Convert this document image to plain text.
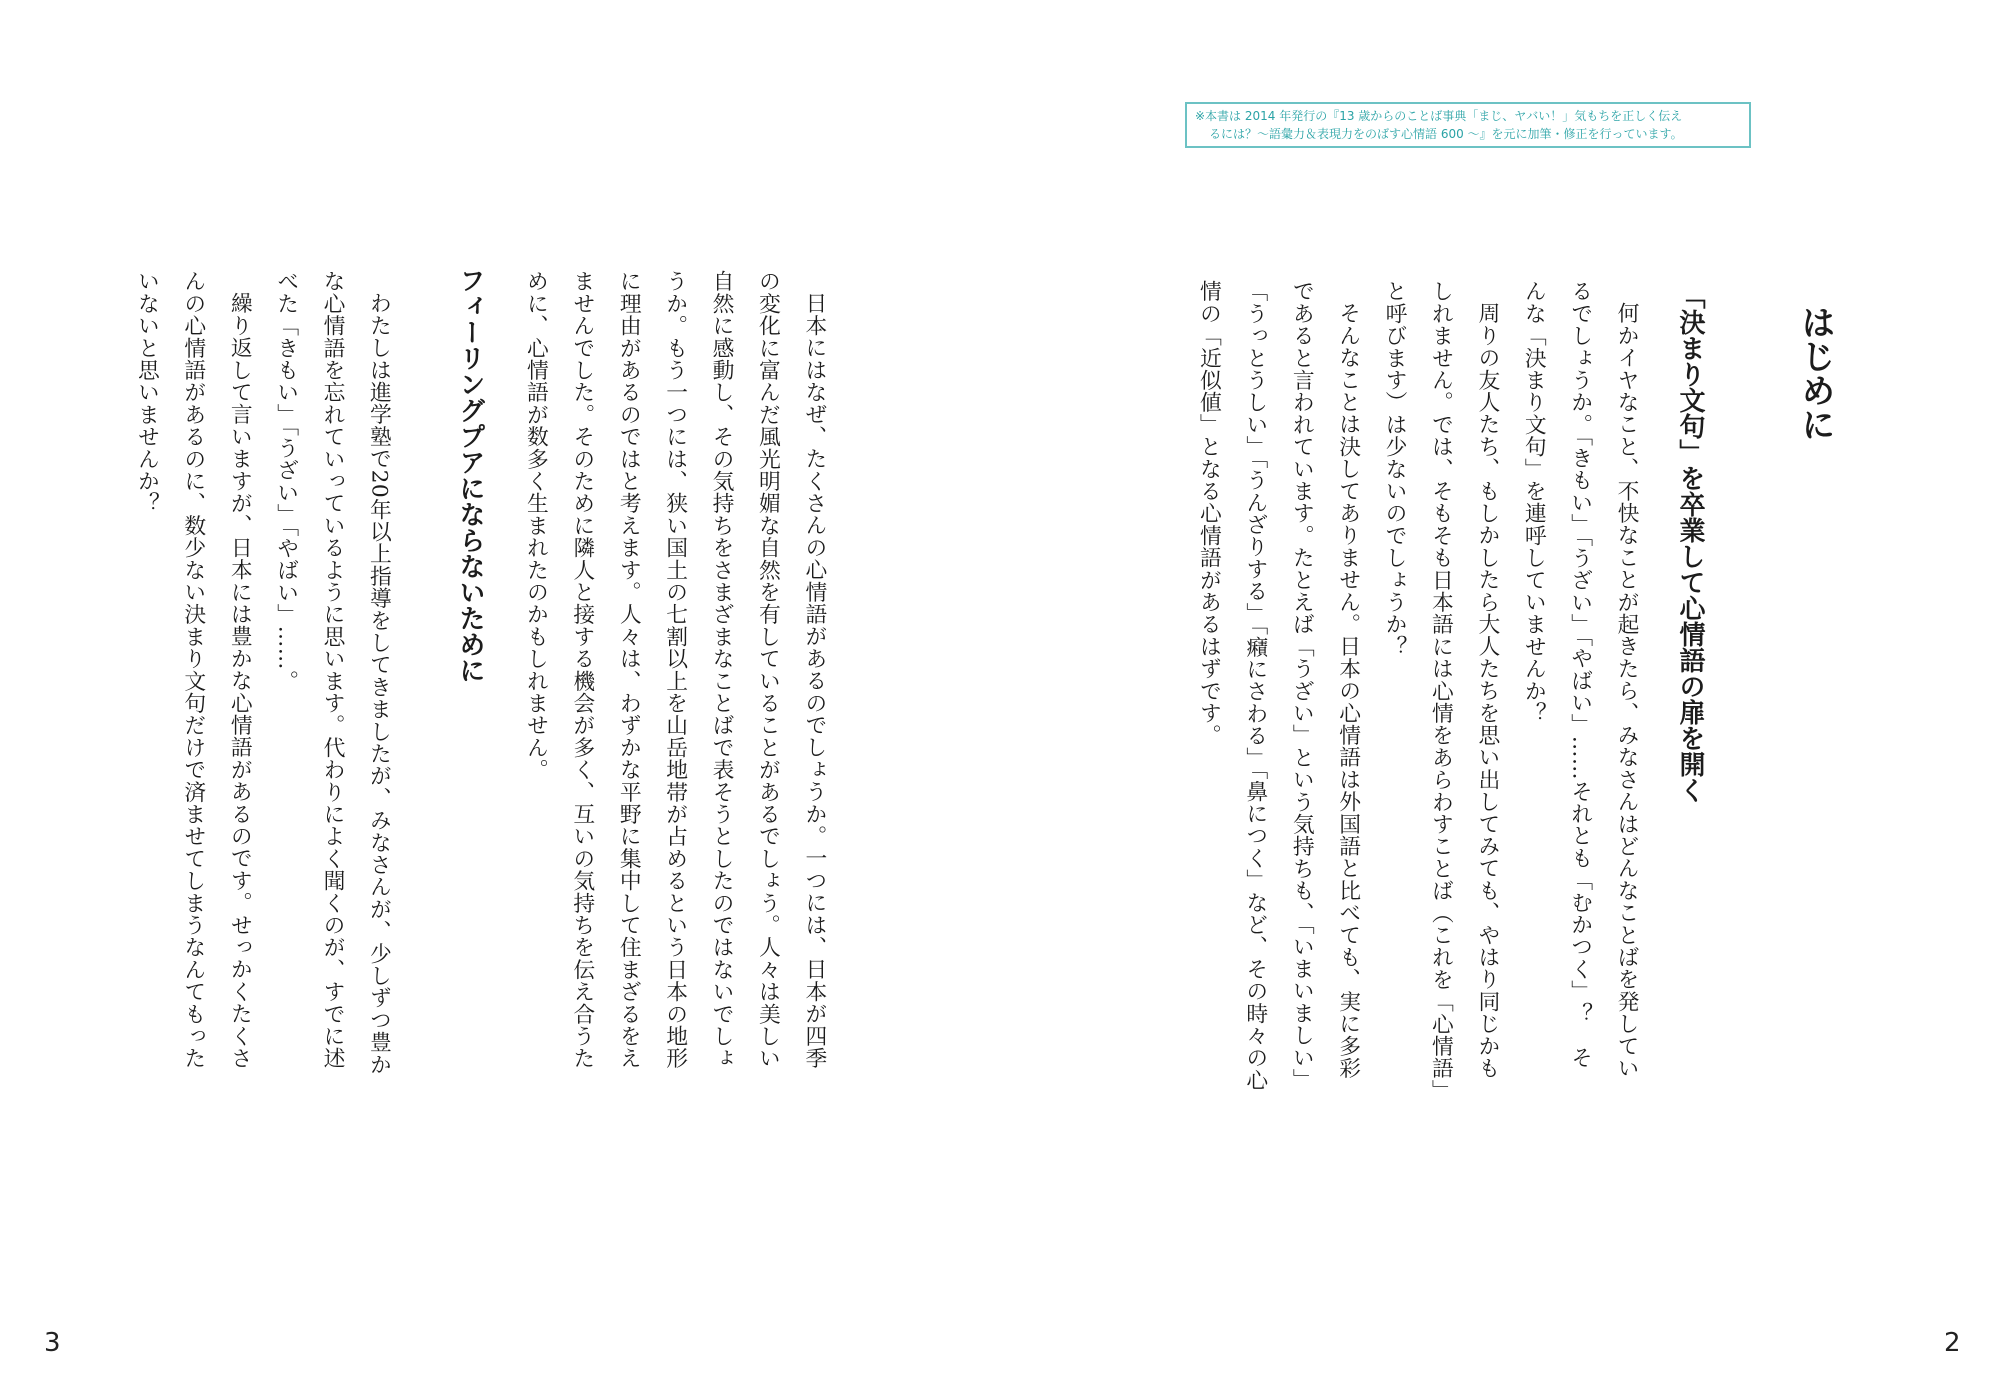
※本書は 2014 年発行の『13 歳からのことば事典「まじ、ヤバい！」気もちを正しく伝え
るには？～語彙力＆表現力をのばす心情語 600 ～』を元に加筆・修正を行っています。
はじめに
「決まり文句」を卒業して心情語の扉を開く
何かイヤなこと、不快なことが起きたら、みなさんはどんなことばを発してい
るでしょうか。「きもい」「うざい」「やばい」……それとも「むかつく」？　そ
んな「決まり文句」を連呼していませんか？
周りの友人たち、もしかしたら大人たちを思い出してみても、やはり同じかも
しれません。では、そもそも日本語には心情をあらわすことば（これを「心情語」
と呼びます）は少ないのでしょうか？
そんなことは決してありません。日本の心情語は外国語と比べても、実に多彩
であると言われています。たとえば「うざい」という気持ちも、「いまいましい」
「うっとうしい」「うんざりする」「癪にさわる」「鼻につく」など、その時々の心
情の「近似値」となる心情語があるはずです。
日本にはなぜ、たくさんの心情語があるのでしょうか。一つには、日本が四季
の変化に富んだ風光明媚な自然を有していることがあるでしょう。人々は美しい
自然に感動し、その気持ちをさまざまなことばで表そうとしたのではないでしょ
うか。もう一つには、狭い国土の七割以上を山岳地帯が占めるという日本の地形
に理由があるのではと考えます。人々は、わずかな平野に集中して住まざるをえ
ませんでした。そのために隣人と接する機会が多く、互いの気持ちを伝え合うた
めに、心情語が数多く生まれたのかもしれません。
フィーリングプアにならないために
わたしは進学塾で20年以上指導をしてきましたが、みなさんが、少しずつ豊か
な心情語を忘れていっているように思います。代わりによく聞くのが、すでに述
べた「きもい」「うざい」「やばい」……。
繰り返して言いますが、日本には豊かな心情語があるのです。せっかくたくさ
んの心情語があるのに、数少ない決まり文句だけで済ませてしまうなんてもった
いないと思いませんか？
3	2
